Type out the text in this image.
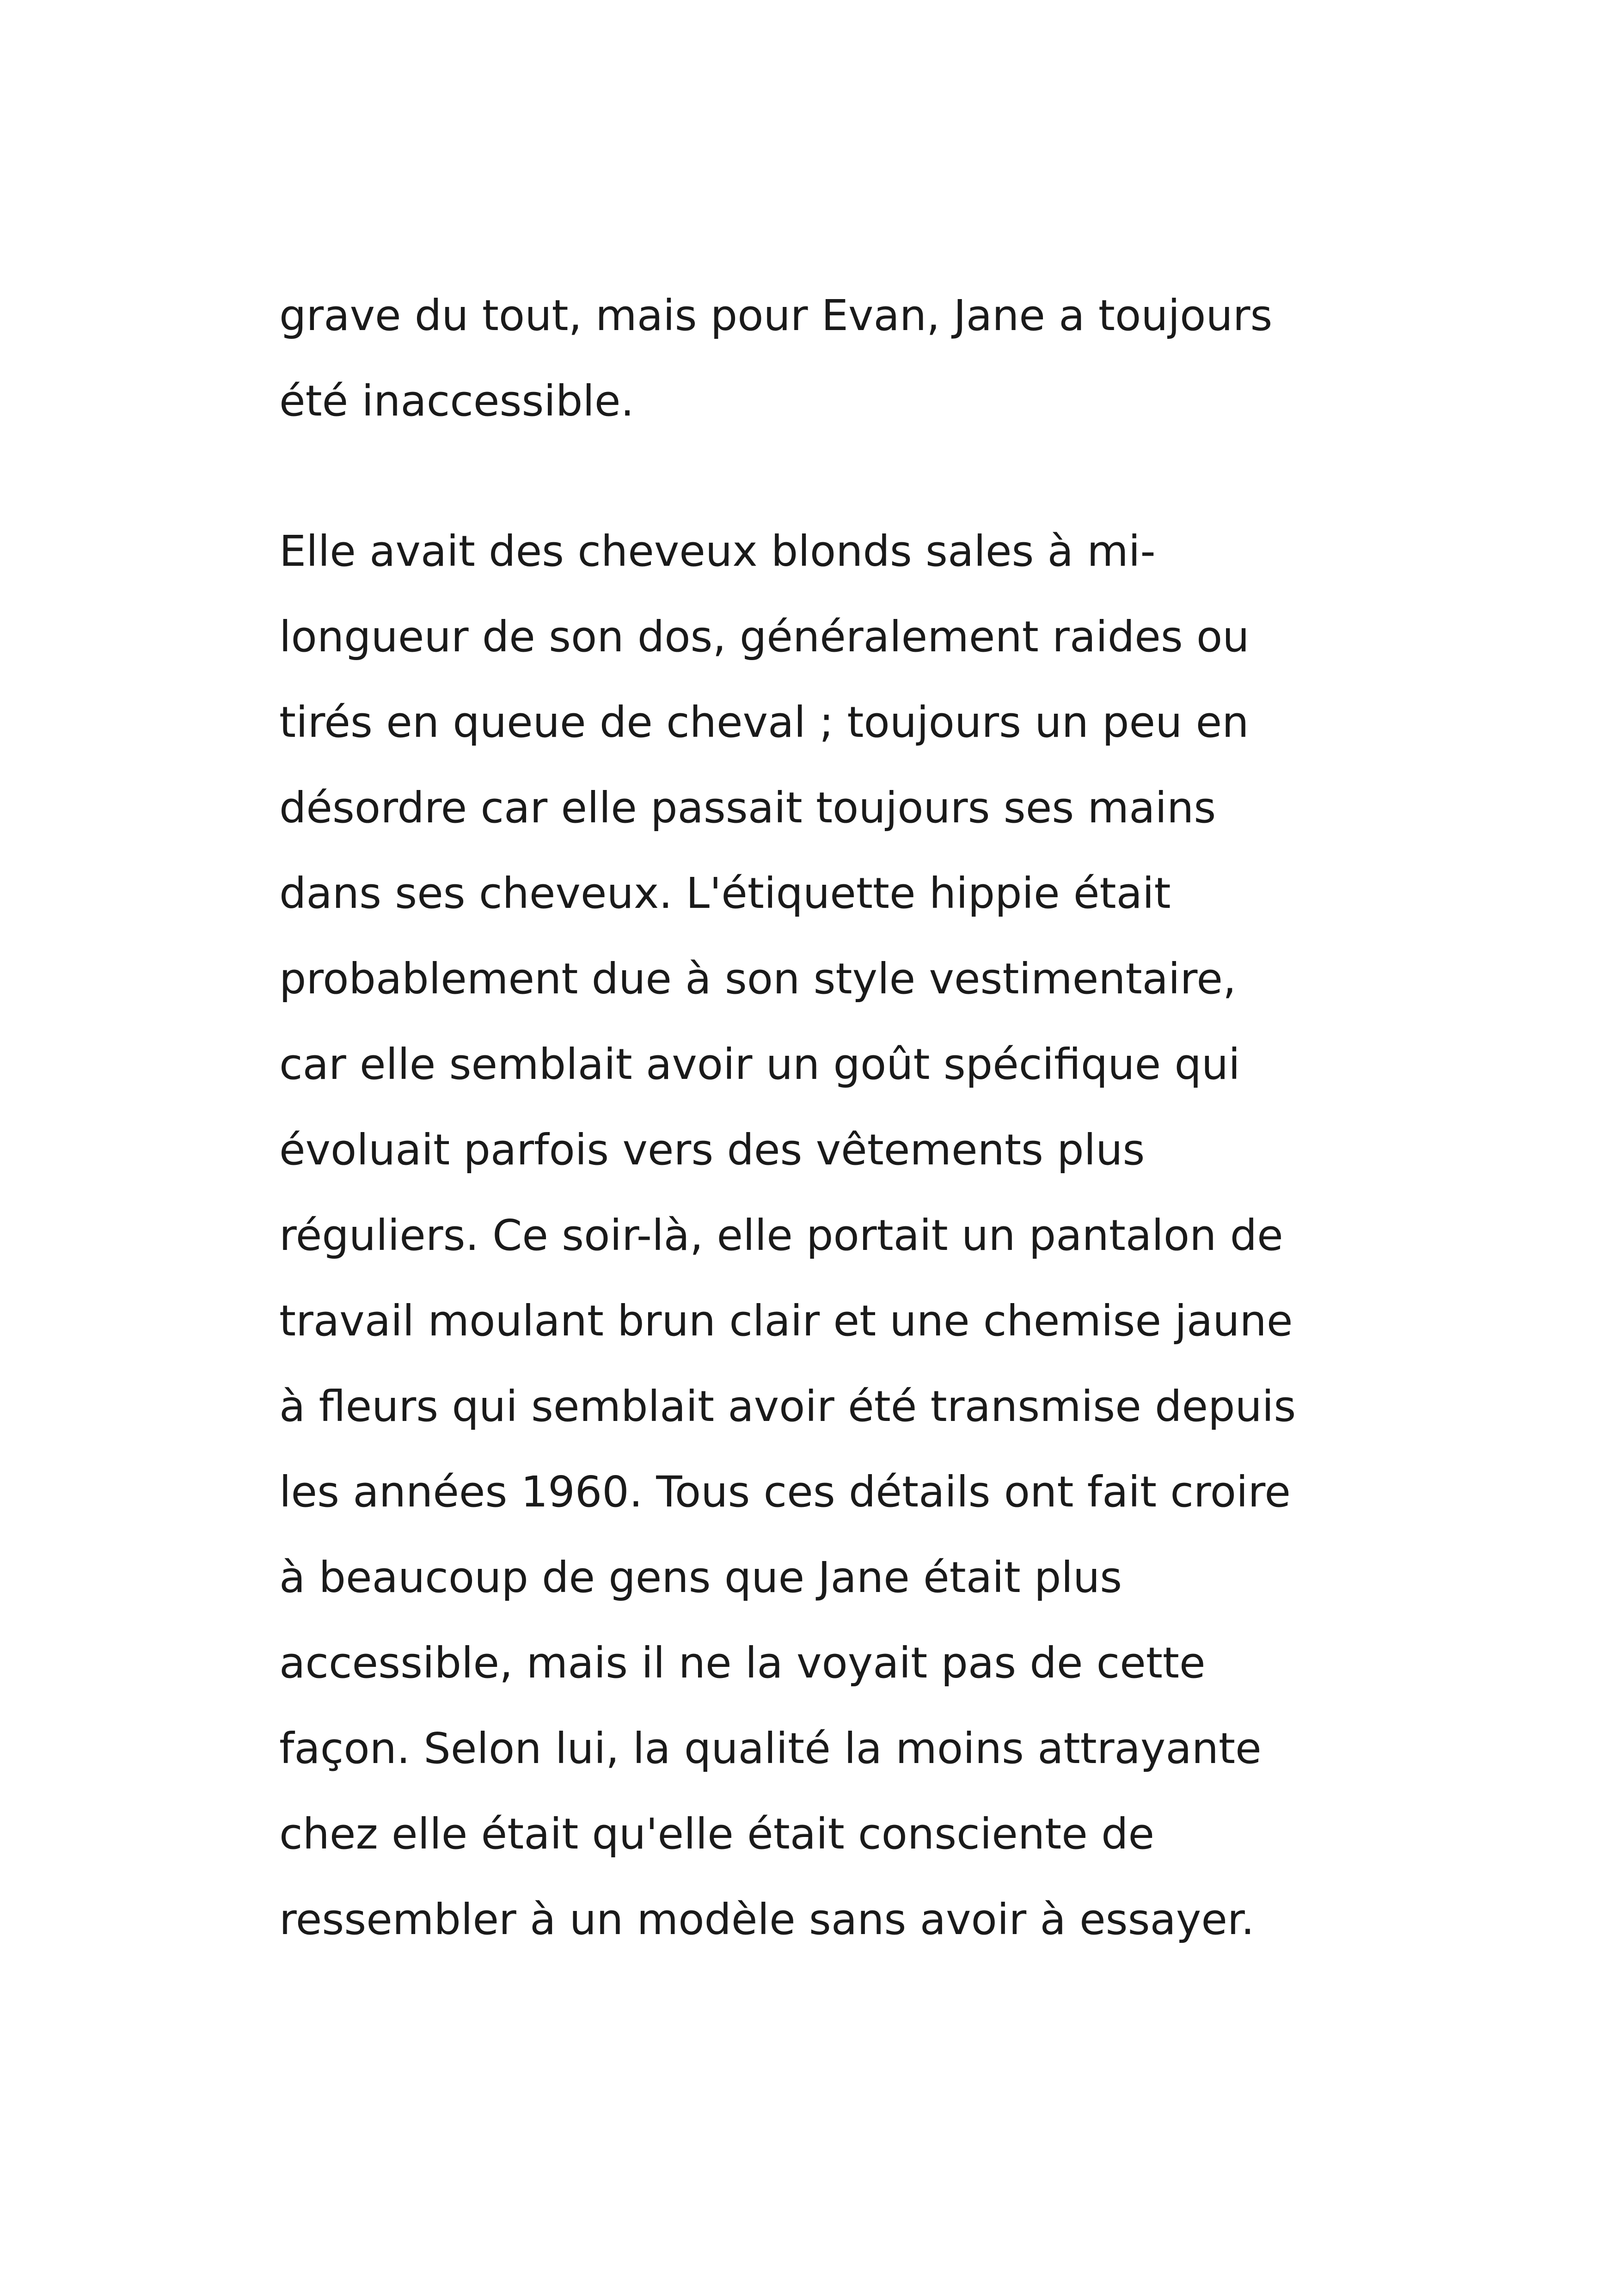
grave du tout, mais pour Evan, Jane a toujours
été inaccessible.
Elle avait des cheveux blonds sales à mi-
longueur de son dos, généralement raides ou
tirés en queue de cheval ; toujours un peu en
désordre car elle passait toujours ses mains
dans ses cheveux. L'étiquette hippie était
probablement due à son style vestimentaire,
car elle semblait avoir un goût spécifique qui
évoluait parfois vers des vêtements plus
réguliers. Ce soir-là, elle portait un pantalon de
travail moulant brun clair et une chemise jaune
à fleurs qui semblait avoir été transmise depuis
les années 1960. Tous ces détails ont fait croire
à beaucoup de gens que Jane était plus
accessible, mais il ne la voyait pas de cette
façon. Selon lui, la qualité la moins attrayante
chez elle était qu'elle était consciente de
ressembler à un modèle sans avoir à essayer.
